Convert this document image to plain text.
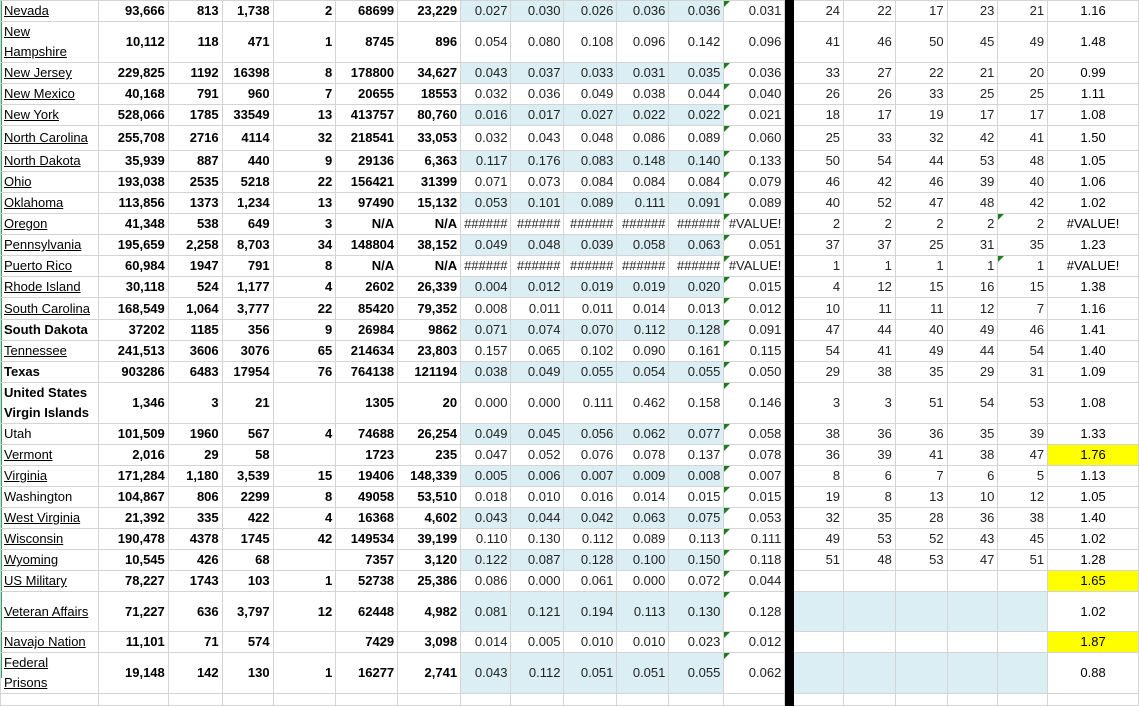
Nevada	93,666	813	1,738	2	68699	23,229	0.027	0.030	0.026	0.036	0.036	0.031		24	22	17	23	21	1.16
New Hampshire	10,112	118	471	1	8745	896	0.054	0.080	0.108	0.096	0.142	0.096		41	46	50	45	49	1.48
New Jersey	229,825	1192	16398	8	178800	34,627	0.043	0.037	0.033	0.031	0.035	0.036		33	27	22	21	20	0.99
New Mexico	40,168	791	960	7	20655	18553	0.032	0.036	0.049	0.038	0.044	0.040		26	26	33	25	25	1.11
New York	528,066	1785	33549	13	413757	80,760	0.016	0.017	0.027	0.022	0.022	0.021		18	17	19	17	17	1.08
North Carolina	255,708	2716	4114	32	218541	33,053	0.032	0.043	0.048	0.086	0.089	0.060		25	33	32	42	41	1.50
North Dakota	35,939	887	440	9	29136	6,363	0.117	0.176	0.083	0.148	0.140	0.133		50	54	44	53	48	1.05
Ohio	193,038	2535	5218	22	156421	31399	0.071	0.073	0.084	0.084	0.084	0.079		46	42	46	39	40	1.06
Oklahoma	113,856	1373	1,234	13	97490	15,132	0.053	0.101	0.089	0.111	0.091	0.089		40	52	47	48	42	1.02
Oregon	41,348	538	649	3	N/A	N/A	######	######	######	######	######	#VALUE!		2	2	2	2	2	#VALUE!
Pennsylvania	195,659	2,258	8,703	34	148804	38,152	0.049	0.048	0.039	0.058	0.063	0.051		37	37	25	31	35	1.23
Puerto Rico	60,984	1947	791	8	N/A	N/A	######	######	######	######	######	#VALUE!		1	1	1	1	1	#VALUE!
Rhode Island	30,118	524	1,177	4	2602	26,339	0.004	0.012	0.019	0.019	0.020	0.015		4	12	15	16	15	1.38
South Carolina	168,549	1,064	3,777	22	85420	79,352	0.008	0.011	0.011	0.014	0.013	0.012		10	11	11	12	7	1.16
South Dakota	37202	1185	356	9	26984	9862	0.071	0.074	0.070	0.112	0.128	0.091		47	44	40	49	46	1.41
Tennessee	241,513	3606	3076	65	214634	23,803	0.157	0.065	0.102	0.090	0.161	0.115		54	41	49	44	54	1.40
Texas	903286	6483	17954	76	764138	121194	0.038	0.049	0.055	0.054	0.055	0.050		29	38	35	29	31	1.09
United States Virgin Islands	1,346	3	21		1305	20	0.000	0.000	0.111	0.462	0.158	0.146		3	3	51	54	53	1.08
Utah	101,509	1960	567	4	74688	26,254	0.049	0.045	0.056	0.062	0.077	0.058		38	36	36	35	39	1.33
Vermont	2,016	29	58		1723	235	0.047	0.052	0.076	0.078	0.137	0.078		36	39	41	38	47	1.76
Virginia	171,284	1,180	3,539	15	19406	148,339	0.005	0.006	0.007	0.009	0.008	0.007		8	6	7	6	5	1.13
Washington	104,867	806	2299	8	49058	53,510	0.018	0.010	0.016	0.014	0.015	0.015		19	8	13	10	12	1.05
West Virginia	21,392	335	422	4	16368	4,602	0.043	0.044	0.042	0.063	0.075	0.053		32	35	28	36	38	1.40
Wisconsin	190,478	4378	1745	42	149534	39,199	0.110	0.130	0.112	0.089	0.113	0.111		49	53	52	43	45	1.02
Wyoming	10,545	426	68		7357	3,120	0.122	0.087	0.128	0.100	0.150	0.118		51	48	53	47	51	1.28
US Military	78,227	1743	103	1	52738	25,386	0.086	0.000	0.061	0.000	0.072	0.044							1.65
Veteran Affairs	71,227	636	3,797	12	62448	4,982	0.081	0.121	0.194	0.113	0.130	0.128							1.02
Navajo Nation	11,101	71	574		7429	3,098	0.014	0.005	0.010	0.010	0.023	0.012							1.87
Federal Prisons	19,148	142	130	1	16277	2,741	0.043	0.112	0.051	0.051	0.055	0.062							0.88
